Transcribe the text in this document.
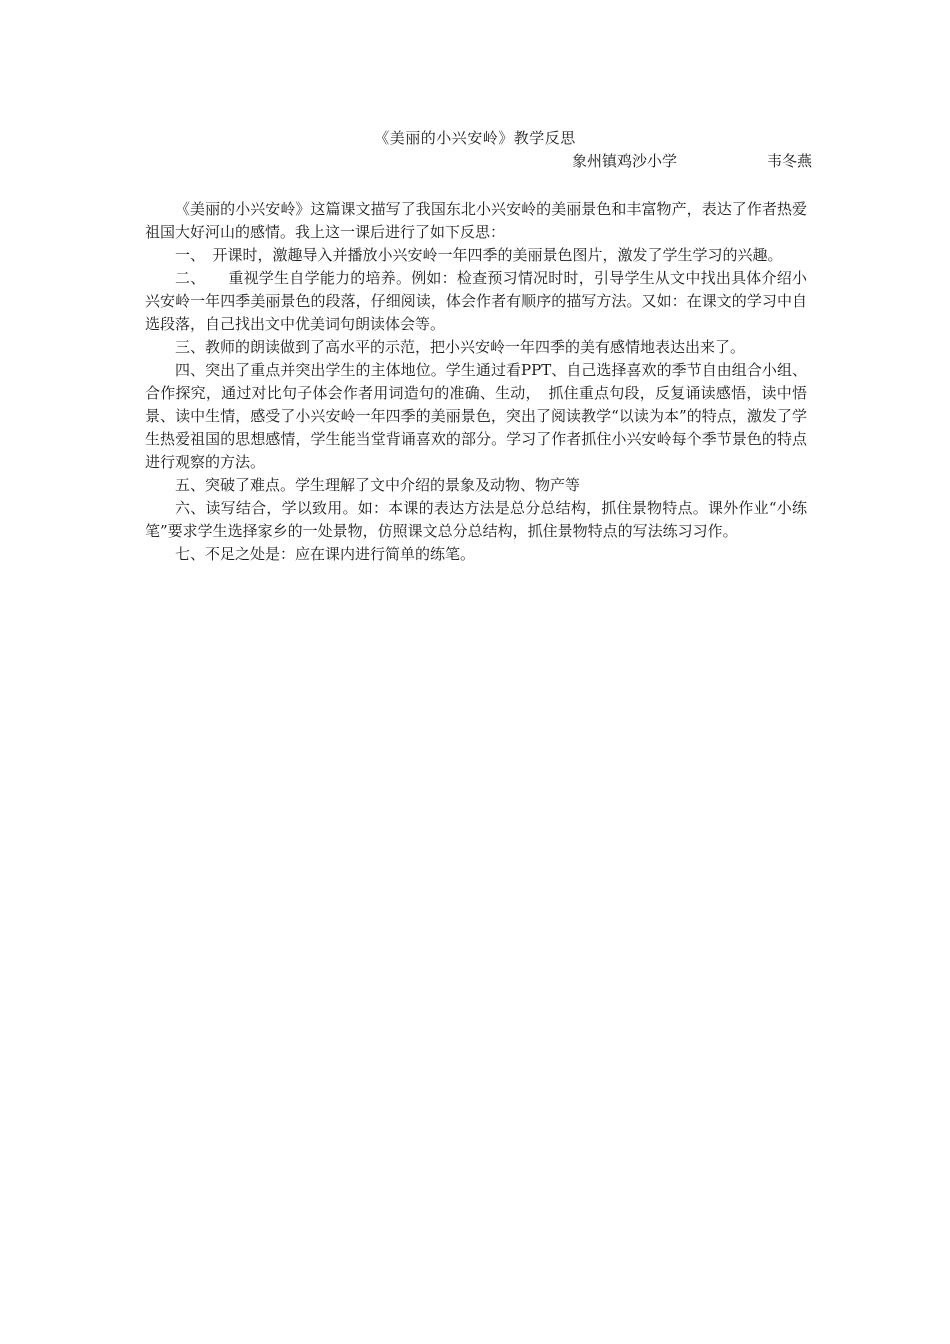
《美丽的小兴安岭》教学反思
象州镇鸡沙小学	韦冬燕

《美丽的小兴安岭》这篇课文描写了我国东北小兴安岭的美丽景色和丰富物产，表达了作者热爱祖国大好河山的感情。我上这一课后进行了如下反思：

一、　开课时，激趣导入并播放小兴安岭一年四季的美丽景色图片，激发了学生学习的兴趣。

二、　　重视学生自学能力的培养。例如：检查预习情况时时，引导学生从文中找出具体介绍小兴安岭一年四季美丽景色的段落，仔细阅读，体会作者有顺序的描写方法。又如：在课文的学习中自选段落，自己找出文中优美词句朗读体会等。

三、教师的朗读做到了高水平的示范，把小兴安岭一年四季的美有感情地表达出来了。

四、突出了重点并突出学生的主体地位。学生通过看PPT、自己选择喜欢的季节自由组合小组、合作探究，通过对比句子体会作者用词造句的准确、生动，　抓住重点句段，反复诵读感悟，读中悟景、读中生情，感受了小兴安岭一年四季的美丽景色，突出了阅读教学“以读为本”的特点，激发了学生热爱祖国的思想感情，学生能当堂背诵喜欢的部分。学习了作者抓住小兴安岭每个季节景色的特点进行观察的方法。

五、突破了难点。学生理解了文中介绍的景象及动物、物产等

六、读写结合，学以致用。如：本课的表达方法是总分总结构，抓住景物特点。课外作业“小练笔”要求学生选择家乡的一处景物，仿照课文总分总结构，抓住景物特点的写法练习习作。

七、不足之处是：应在课内进行简单的练笔。
